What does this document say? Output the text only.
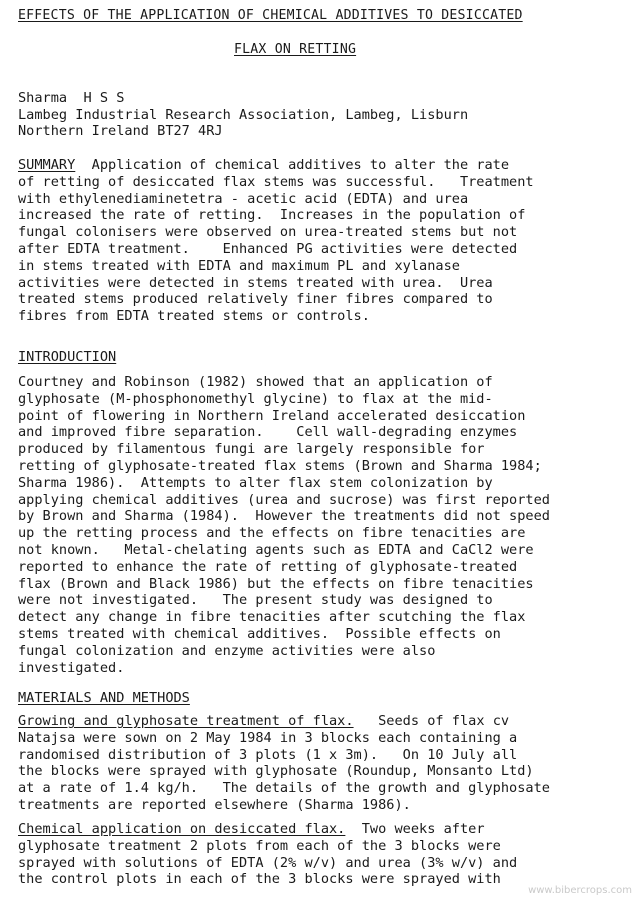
EFFECTS OF THE APPLICATION OF CHEMICAL ADDITIVES TO DESICCATED
FLAX ON RETTING
Sharma  H S S
Lambeg Industrial Research Association, Lambeg, Lisburn
Northern Ireland BT27 4RJ
SUMMARY  Application of chemical additives to alter the rate
of retting of desiccated flax stems was successful.   Treatment
with ethylenediaminetetra - acetic acid (EDTA) and urea
increased the rate of retting.  Increases in the population of
fungal colonisers were observed on urea-treated stems but not
after EDTA treatment.    Enhanced PG activities were detected
in stems treated with EDTA and maximum PL and xylanase
activities were detected in stems treated with urea.  Urea
treated stems produced relatively finer fibres compared to
fibres from EDTA treated stems or controls.
INTRODUCTION
Courtney and Robinson (1982) showed that an application of
glyphosate (M-phosphonomethyl glycine) to flax at the mid-
point of flowering in Northern Ireland accelerated desiccation
and improved fibre separation.    Cell wall-degrading enzymes
produced by filamentous fungi are largely responsible for
retting of glyphosate-treated flax stems (Brown and Sharma 1984;
Sharma 1986).  Attempts to alter flax stem colonization by
applying chemical additives (urea and sucrose) was first reported
by Brown and Sharma (1984).  However the treatments did not speed
up the retting process and the effects on fibre tenacities are
not known.   Metal-chelating agents such as EDTA and CaCl2 were
reported to enhance the rate of retting of glyphosate-treated
flax (Brown and Black 1986) but the effects on fibre tenacities
were not investigated.   The present study was designed to
detect any change in fibre tenacities after scutching the flax
stems treated with chemical additives.  Possible effects on
fungal colonization and enzyme activities were also
investigated.
MATERIALS AND METHODS
Growing and glyphosate treatment of flax.   Seeds of flax cv
Natajsa were sown on 2 May 1984 in 3 blocks each containing a
randomised distribution of 3 plots (1 x 3m).   On 10 July all
the blocks were sprayed with glyphosate (Roundup, Monsanto Ltd)
at a rate of 1.4 kg/h.   The details of the growth and glyphosate
treatments are reported elsewhere (Sharma 1986).
Chemical application on desiccated flax.  Two weeks after
glyphosate treatment 2 plots from each of the 3 blocks were
sprayed with solutions of EDTA (2% w/v) and urea (3% w/v) and
the control plots in each of the 3 blocks were sprayed with
www.bibercrops.com
